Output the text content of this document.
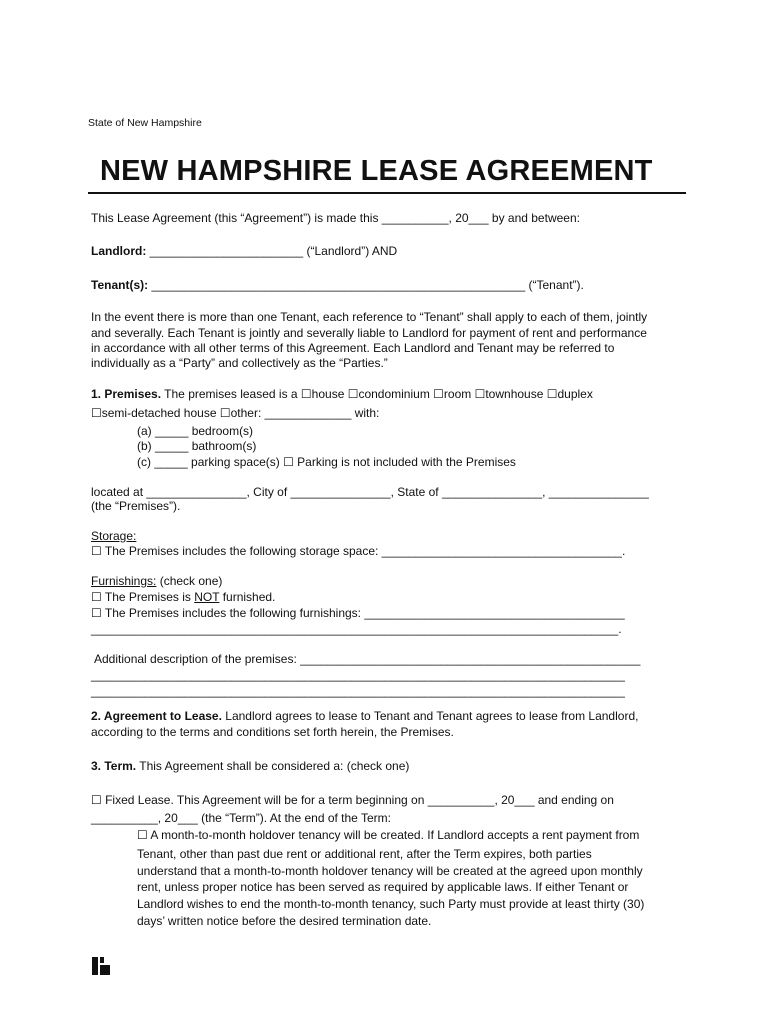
State of New Hampshire
NEW HAMPSHIRE LEASE AGREEMENT
This Lease Agreement (this “Agreement”) is made this __________, 20___ by and between:
Landlord: _______________________ (“Landlord”) AND
Tenant(s): ________________________________________________________ (“Tenant”).
In the event there is more than one Tenant, each reference to “Tenant” shall apply to each of them, jointly
and severally. Each Tenant is jointly and severally liable to Landlord for payment of rent and performance
in accordance with all other terms of this Agreement. Each Landlord and Tenant may be referred to
individually as a “Party” and collectively as the “Parties.”
1. Premises. The premises leased is a ☐house ☐condominium ☐room ☐townhouse ☐duplex
☐semi-detached house ☐other: _____________ with:
(a) _____ bedroom(s)
(b) _____ bathroom(s)
(c) _____ parking space(s) ☐ Parking is not included with the Premises
located at _______________, City of _______________, State of _______________, _______________
(the “Premises”).
Storage:
☐ The Premises includes the following storage space: ____________________________________.
Furnishings: (check one)
☐ The Premises is NOT furnished.
☐ The Premises includes the following furnishings: _______________________________________
_______________________________________________________________________________.
Additional description of the premises: ___________________________________________________
________________________________________________________________________________
________________________________________________________________________________
2. Agreement to Lease. Landlord agrees to lease to Tenant and Tenant agrees to lease from Landlord,
according to the terms and conditions set forth herein, the Premises.
3. Term. This Agreement shall be considered a: (check one)
☐ Fixed Lease. This Agreement will be for a term beginning on __________, 20___ and ending on
__________, 20___ (the “Term”). At the end of the Term:
☐ A month-to-month holdover tenancy will be created. If Landlord accepts a rent payment from
Tenant, other than past due rent or additional rent, after the Term expires, both parties
understand that a month-to-month holdover tenancy will be created at the agreed upon monthly
rent, unless proper notice has been served as required by applicable laws. If either Tenant or
Landlord wishes to end the month-to-month tenancy, such Party must provide at least thirty (30)
days’ written notice before the desired termination date.
